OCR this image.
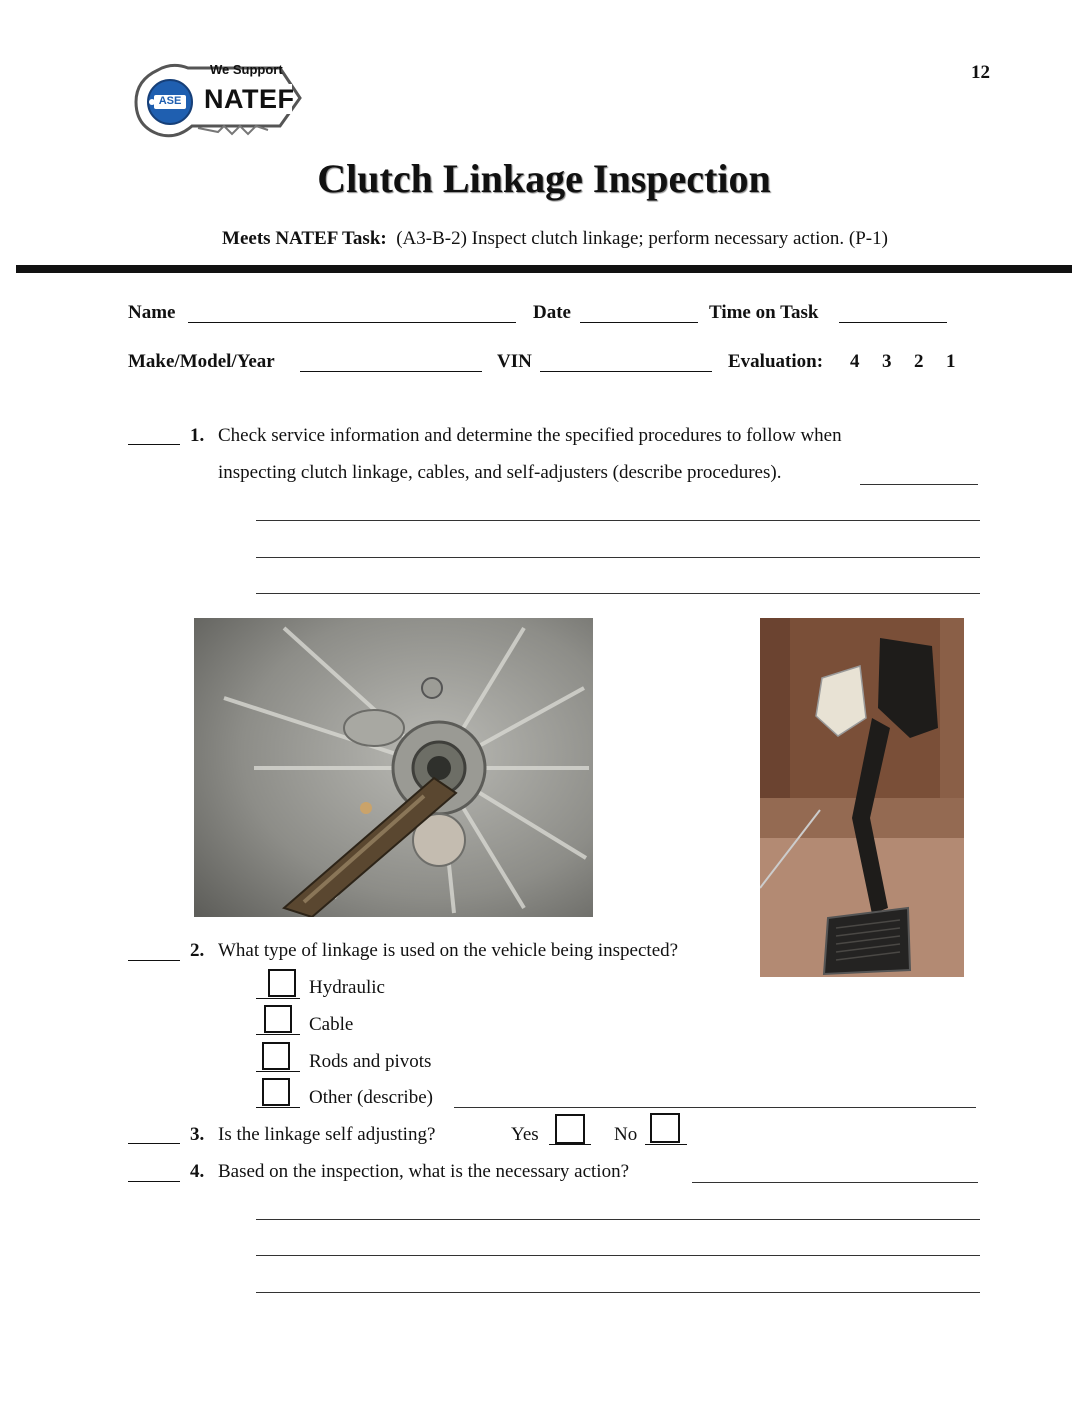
We Support
NATEF
ASE
12
Clutch Linkage Inspection
Meets NATEF Task: (A3-B-2) Inspect clutch linkage; perform necessary action. (P-1)
Name	Date	Time on Task
Make/Model/Year	VIN	Evaluation: 4 3 2 1
1. Check service information and determine the specified procedures to follow when
inspecting clutch linkage, cables, and self-adjusters (describe procedures).
2. What type of linkage is used on the vehicle being inspected?
Hydraulic
Cable
Rods and pivots
Other (describe)
3. Is the linkage self adjusting?	Yes	No
4. Based on the inspection, what is the necessary action?
